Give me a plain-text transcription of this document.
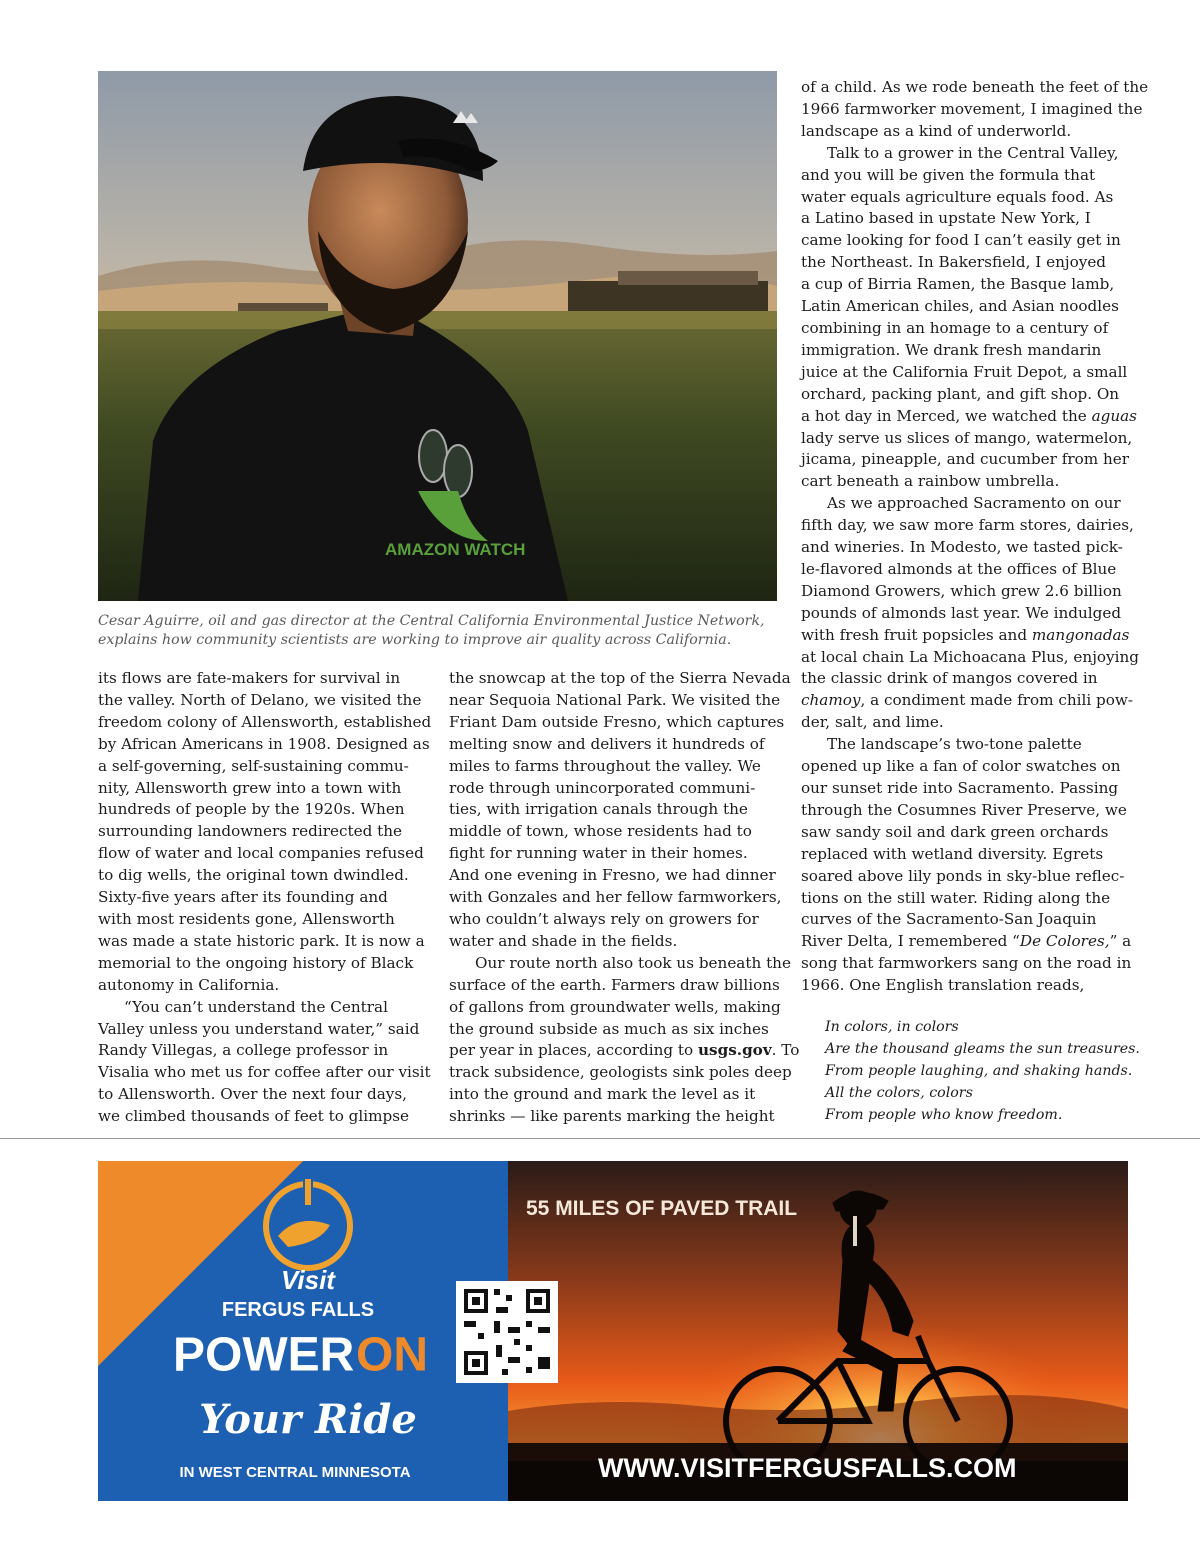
AMAZON WATCH
Cesar Aguirre, oil and gas director at the Central California Environmental Justice Network,
explains how community scientists are working to improve air quality across California.
its flows are fate-makers for survival in
the valley. North of Delano, we visited the
freedom colony of Allensworth, established
by African Americans in 1908. Designed as
a self-governing, self-sustaining commu-
nity, Allensworth grew into a town with
hundreds of people by the 1920s. When
surrounding landowners redirected the
flow of water and local companies refused
to dig wells, the original town dwindled.
Sixty-five years after its founding and
with most residents gone, Allensworth
was made a state historic park. It is now a
memorial to the ongoing history of Black
autonomy in California.
“You can’t understand the Central
Valley unless you understand water,” said
Randy Villegas, a college professor in
Visalia who met us for coffee after our visit
to Allensworth. Over the next four days,
we climbed thousands of feet to glimpse
the snowcap at the top of the Sierra Nevada
near Sequoia National Park. We visited the
Friant Dam outside Fresno, which captures
melting snow and delivers it hundreds of
miles to farms throughout the valley. We
rode through unincorporated communi-
ties, with irrigation canals through the
middle of town, whose residents had to
fight for running water in their homes.
And one evening in Fresno, we had dinner
with Gonzales and her fellow farmworkers,
who couldn’t always rely on growers for
water and shade in the fields.
Our route north also took us beneath the
surface of the earth. Farmers draw billions
of gallons from groundwater wells, making
the ground subside as much as six inches
per year in places, according to usgs.gov. To
track subsidence, geologists sink poles deep
into the ground and mark the level as it
shrinks — like parents marking the height
of a child. As we rode beneath the feet of the
1966 farmworker movement, I imagined the
landscape as a kind of underworld.
Talk to a grower in the Central Valley,
and you will be given the formula that
water equals agriculture equals food. As
a Latino based in upstate New York, I
came looking for food I can’t easily get in
the Northeast. In Bakersfield, I enjoyed
a cup of Birria Ramen, the Basque lamb,
Latin American chiles, and Asian noodles
combining in an homage to a century of
immigration. We drank fresh mandarin
juice at the California Fruit Depot, a small
orchard, packing plant, and gift shop. On
a hot day in Merced, we watched the aguas
lady serve us slices of mango, watermelon,
jicama, pineapple, and cucumber from her
cart beneath a rainbow umbrella.
As we approached Sacramento on our
fifth day, we saw more farm stores, dairies,
and wineries. In Modesto, we tasted pick-
le-flavored almonds at the offices of Blue
Diamond Growers, which grew 2.6 billion
pounds of almonds last year. We indulged
with fresh fruit popsicles and mangonadas
at local chain La Michoacana Plus, enjoying
the classic drink of mangos covered in
chamoy, a condiment made from chili pow-
der, salt, and lime.
The landscape’s two-tone palette
opened up like a fan of color swatches on
our sunset ride into Sacramento. Passing
through the Cosumnes River Preserve, we
saw sandy soil and dark green orchards
replaced with wetland diversity. Egrets
soared above lily ponds in sky-blue reflec-
tions on the still water. Riding along the
curves of the Sacramento-San Joaquin
River Delta, I remembered “De Colores,” a
song that farmworkers sang on the road in
1966. One English translation reads,
In colors, in colors
Are the thousand gleams the sun treasures.
From people laughing, and shaking hands.
All the colors, colors
From people who know freedom.
Visit
FERGUS FALLS
POWER ON
Your Ride
IN WEST CENTRAL MINNESOTA
55 MILES OF PAVED TRAIL
WWW.VISITFERGUSFALLS.COM
